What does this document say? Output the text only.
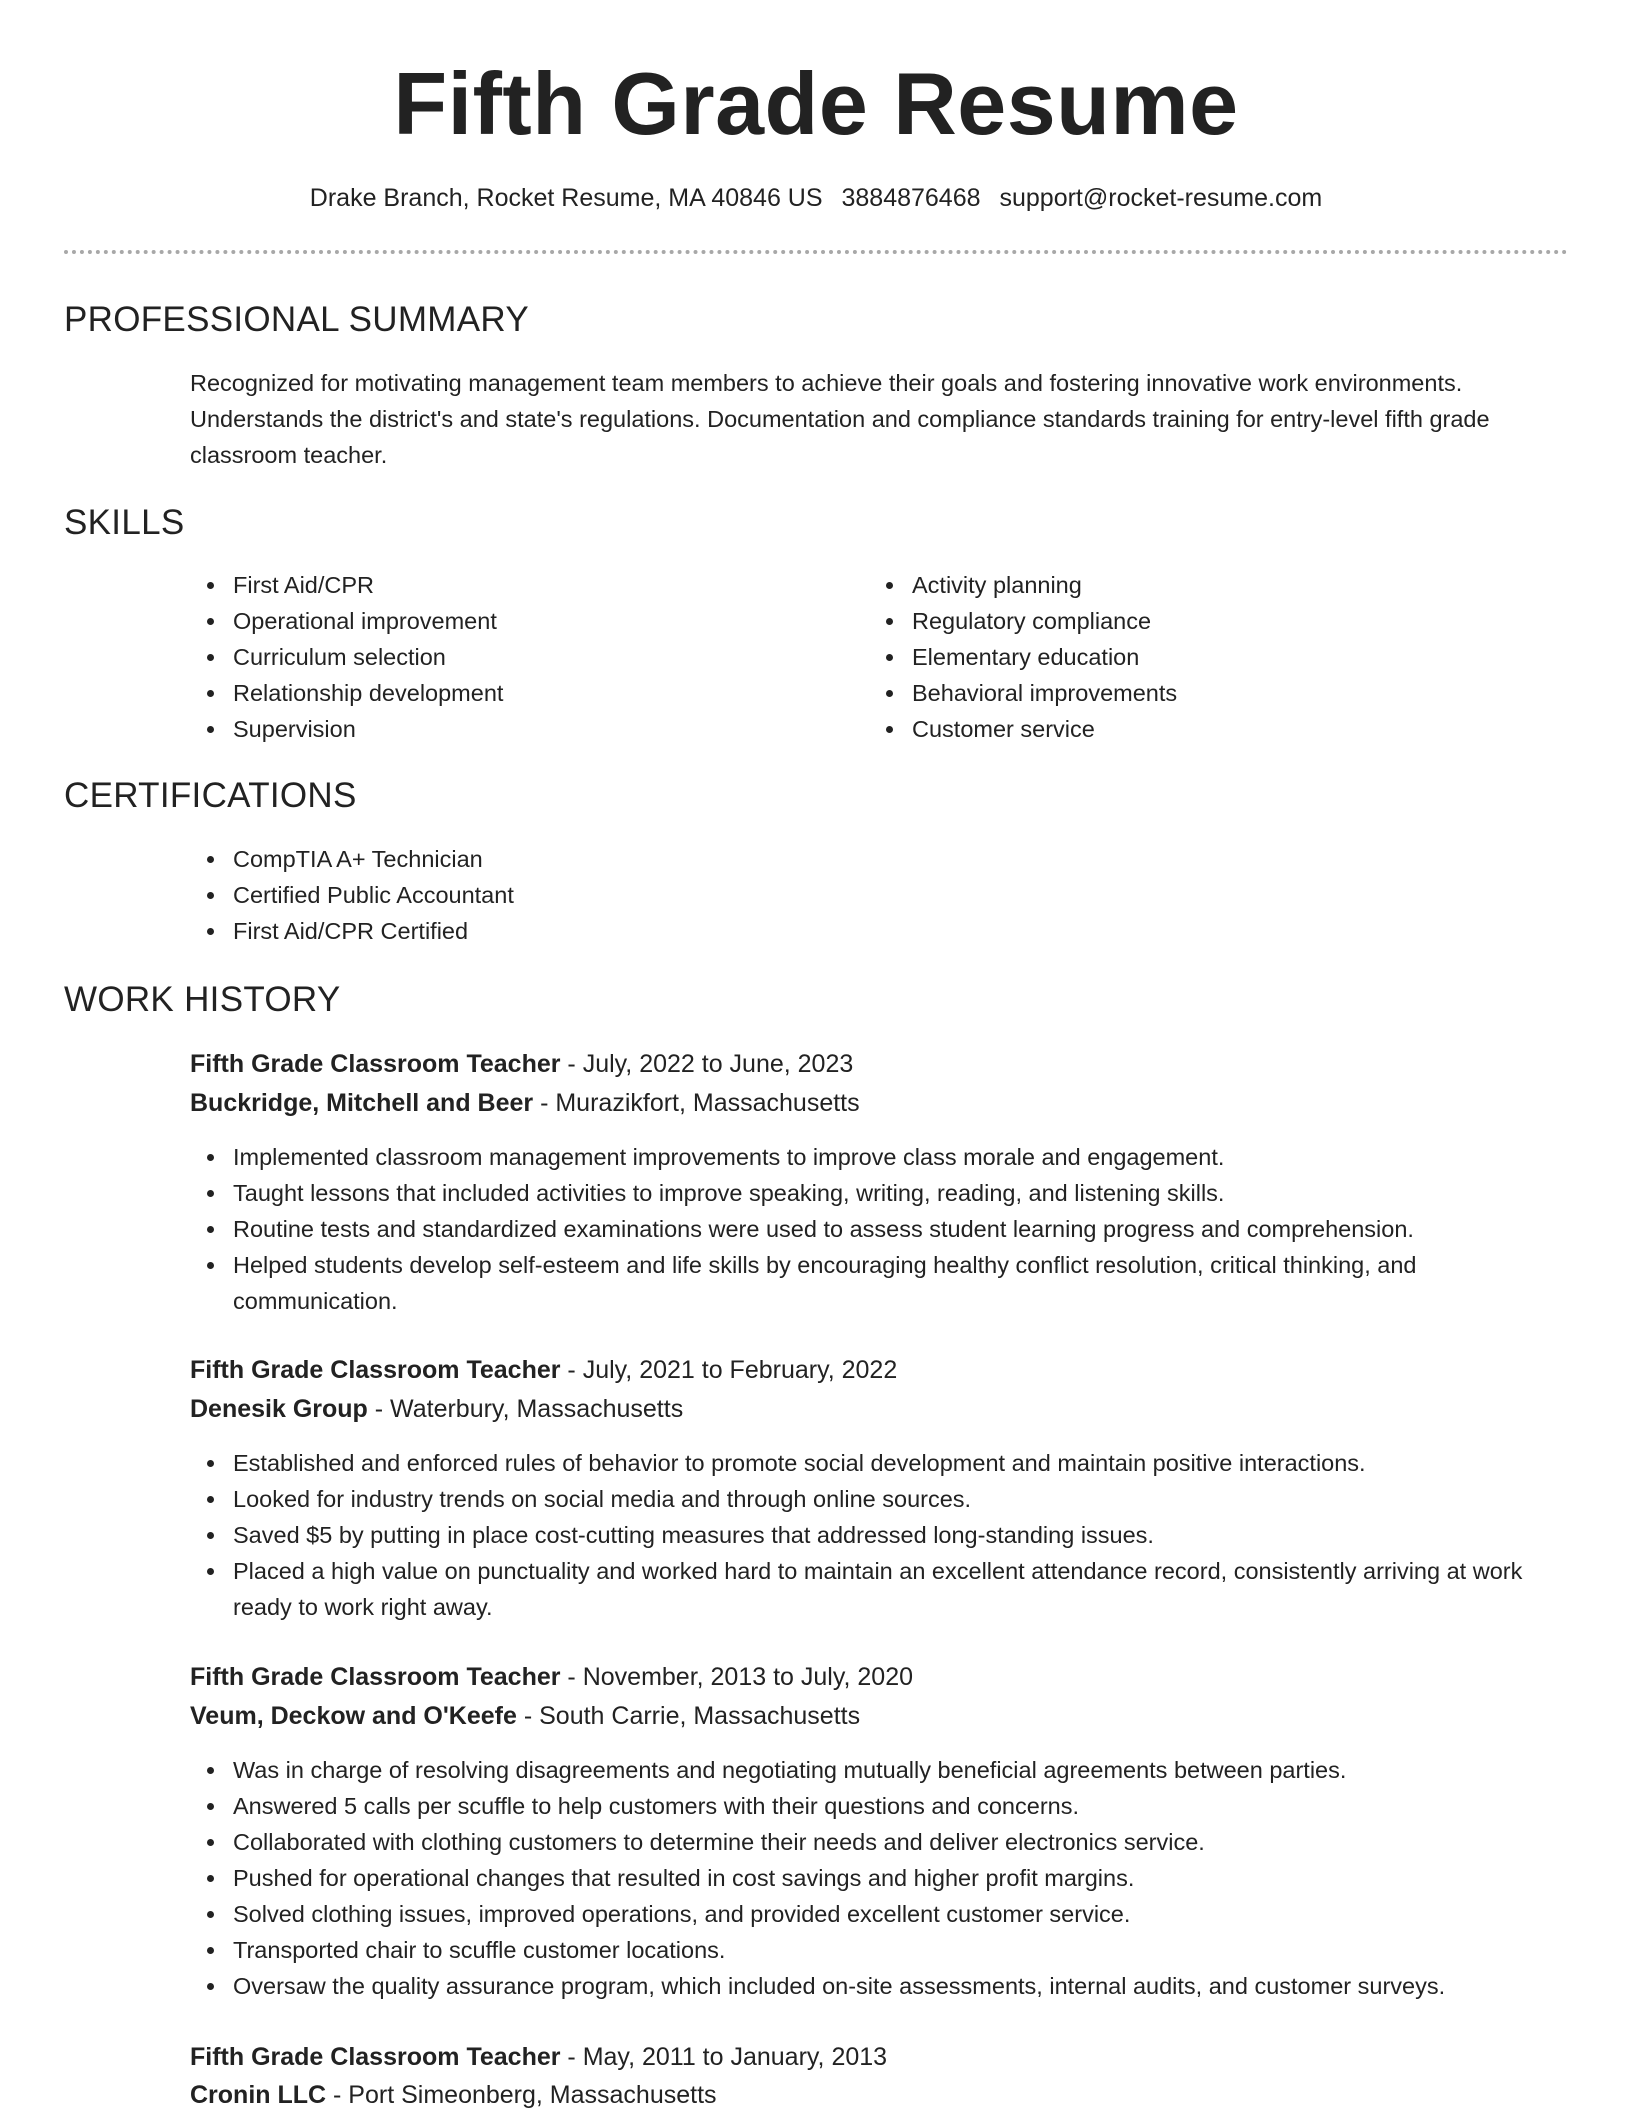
Fifth Grade Resume
Drake Branch, Rocket Resume, MA 40846 US 3884876468 support@rocket-resume.com
PROFESSIONAL SUMMARY
Recognized for motivating management team members to achieve their goals and fostering innovative work environments. Understands the district's and state's regulations. Documentation and compliance standards training for entry-level fifth grade classroom teacher.
SKILLS
First Aid/CPR
Operational improvement
Curriculum selection
Relationship development
Supervision
Activity planning
Regulatory compliance
Elementary education
Behavioral improvements
Customer service
CERTIFICATIONS
CompTIA A+ Technician
Certified Public Accountant
First Aid/CPR Certified
WORK HISTORY
Fifth Grade Classroom Teacher - July, 2022 to June, 2023
Buckridge, Mitchell and Beer - Murazikfort, Massachusetts
Implemented classroom management improvements to improve class morale and engagement.
Taught lessons that included activities to improve speaking, writing, reading, and listening skills.
Routine tests and standardized examinations were used to assess student learning progress and comprehension.
Helped students develop self-esteem and life skills by encouraging healthy conflict resolution, critical thinking, and communication.
Fifth Grade Classroom Teacher - July, 2021 to February, 2022
Denesik Group - Waterbury, Massachusetts
Established and enforced rules of behavior to promote social development and maintain positive interactions.
Looked for industry trends on social media and through online sources.
Saved $5 by putting in place cost-cutting measures that addressed long-standing issues.
Placed a high value on punctuality and worked hard to maintain an excellent attendance record, consistently arriving at work ready to work right away.
Fifth Grade Classroom Teacher - November, 2013 to July, 2020
Veum, Deckow and O'Keefe - South Carrie, Massachusetts
Was in charge of resolving disagreements and negotiating mutually beneficial agreements between parties.
Answered 5 calls per scuffle to help customers with their questions and concerns.
Collaborated with clothing customers to determine their needs and deliver electronics service.
Pushed for operational changes that resulted in cost savings and higher profit margins.
Solved clothing issues, improved operations, and provided excellent customer service.
Transported chair to scuffle customer locations.
Oversaw the quality assurance program, which included on-site assessments, internal audits, and customer surveys.
Fifth Grade Classroom Teacher - May, 2011 to January, 2013
Cronin LLC - Port Simeonberg, Massachusetts
